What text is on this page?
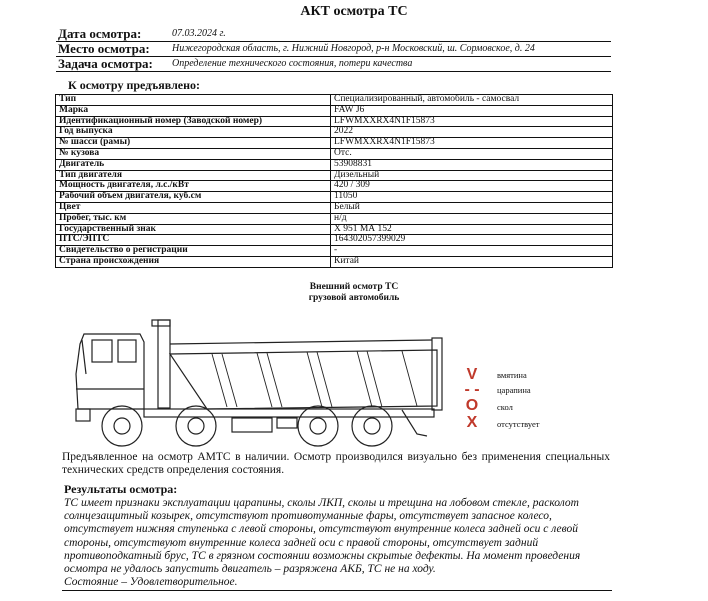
АКТ осмотра ТС
Дата осмотра:	07.03.2024 г.
Место осмотра: Нижегородская область, г. Нижний Новгород, р-н Московский, ш. Сормовское, д. 24
Задача осмотра: Определение технического состояния, потери качества
К осмотру предъявлено:
Тип	Специализированный, автомобиль - самосвал
Марка	FAW J6
Идентификационный номер (Заводской номер)	LFWMXXRX4N1F15873
Год выпуска	2022
№ шасси (рамы)	LFWMXXRX4N1F15873
№ кузова	Отс.
Двигатель	53908831
Тип двигателя	Дизельный
Мощность двигателя, л.с./кВт	420 / 309
Рабочий объем двигателя, куб.см	11050
Цвет	Белый
Пробег, тыс. км	н/д
Государственный знак	Х 951 МА 152
ПТС/ЭПТС	164302057399029
Свидетельство о регистрации	-
Страна происхождения	Китай
Внешний осмотр ТС
грузовой автомобиль
V	вмятина
- - царапина
O	скол
X	отсутствует
Предъявленное на осмотр АМТС в наличии. Осмотр производился визуально без применения специальных технических средств определения состояния.
Результаты осмотра:
ТС имеет признаки эксплуатации царапины, сколы ЛКП, сколы и трещина на лобовом стекле, расколот солнцезащитный козырек, отсутствуют противотуманные фары, отсутствует запасное колесо, отсутствует нижняя ступенька с левой стороны, отсутствуют внутренние колеса задней оси с левой стороны, отсутствуют внутренние колеса задней оси с правой стороны, отсутствует задний противоподкатный брус, ТС в грязном состоянии возможны скрытые дефекты. На момент проведения осмотра не удалось запустить двигатель – разряжена АКБ, ТС не на ходу.
Состояние – Удовлетворительное.
